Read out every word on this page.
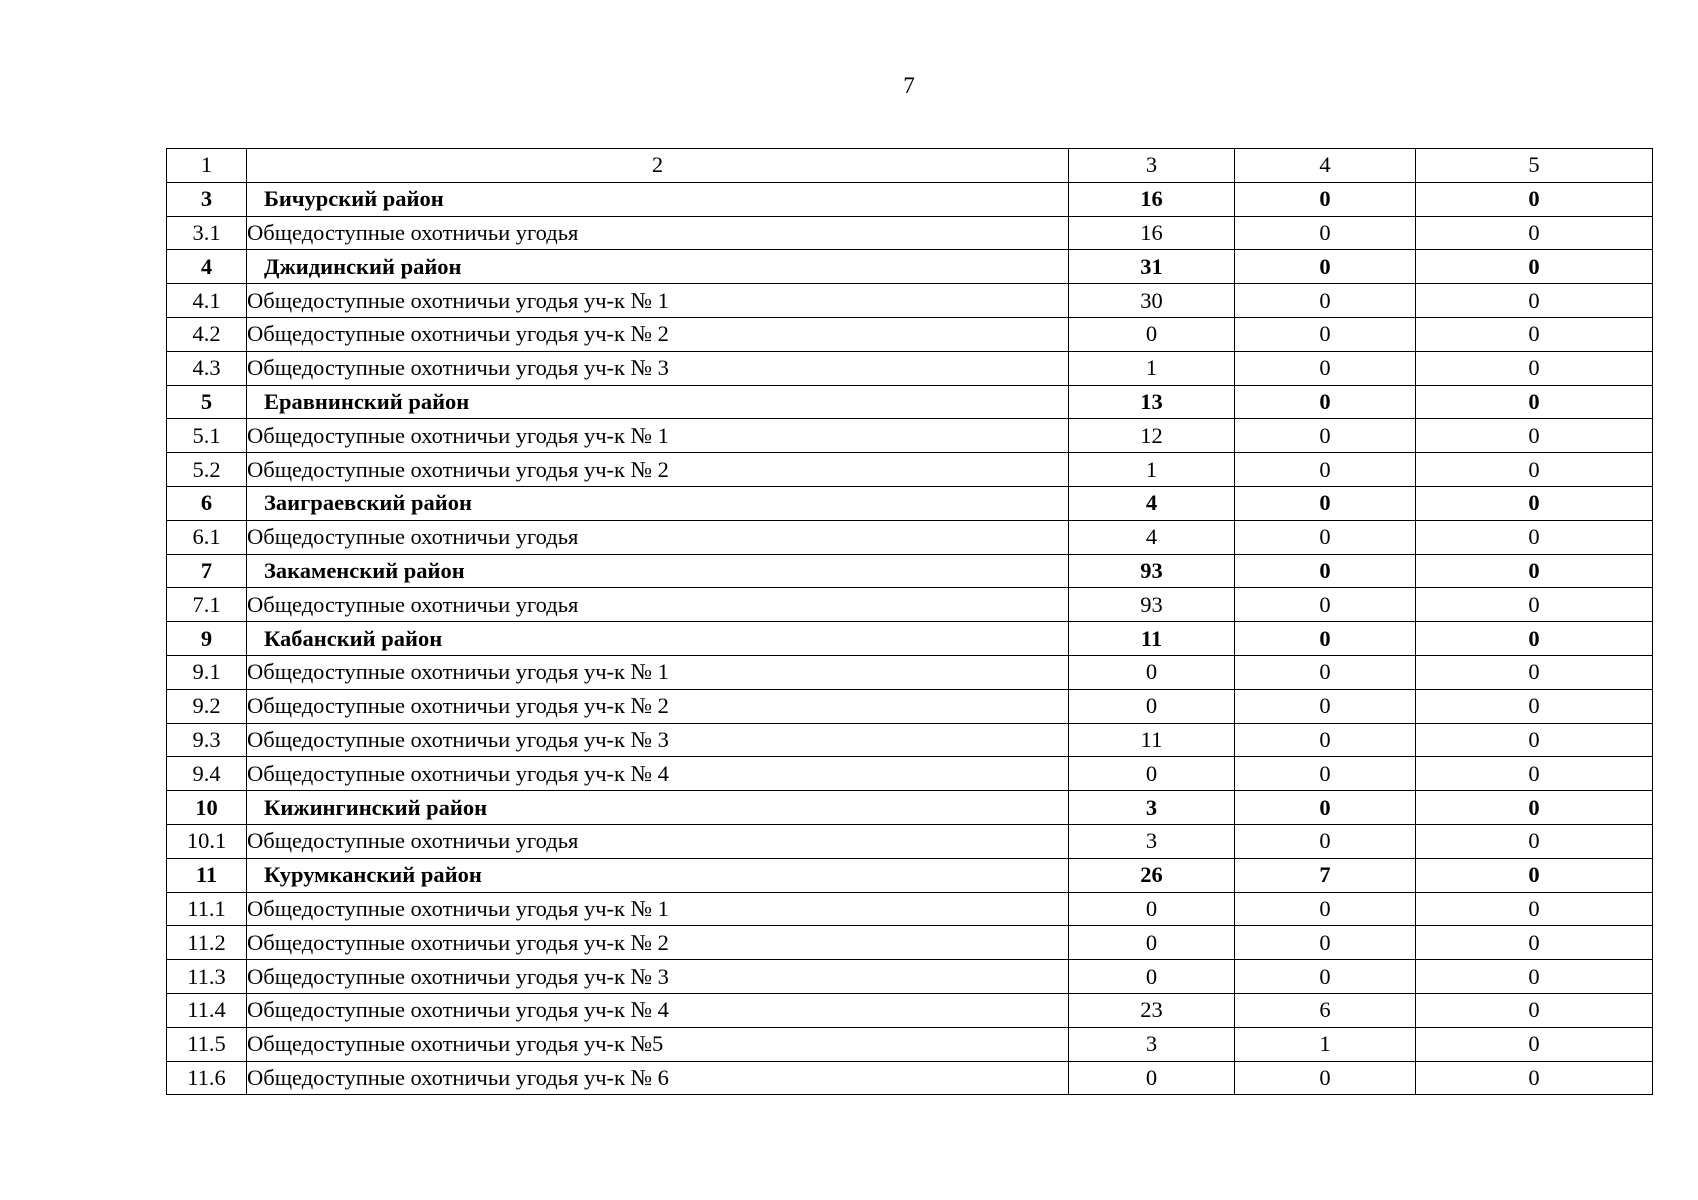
7
1	2	3	4	5
3	Бичурский район	16	0	0
3.1	Общедоступные охотничьи угодья	16	0	0
4	Джидинский район	31	0	0
4.1	Общедоступные охотничьи угодья уч-к № 1	30	0	0
4.2	Общедоступные охотничьи угодья уч-к № 2	0	0	0
4.3	Общедоступные охотничьи угодья уч-к № 3	1	0	0
5	Еравнинский район	13	0	0
5.1	Общедоступные охотничьи угодья уч-к № 1	12	0	0
5.2	Общедоступные охотничьи угодья уч-к № 2	1	0	0
6	Заиграевский район	4	0	0
6.1	Общедоступные охотничьи угодья	4	0	0
7	Закаменский район	93	0	0
7.1	Общедоступные охотничьи угодья	93	0	0
9	Кабанский район	11	0	0
9.1	Общедоступные охотничьи угодья уч-к № 1	0	0	0
9.2	Общедоступные охотничьи угодья уч-к № 2	0	0	0
9.3	Общедоступные охотничьи угодья уч-к № 3	11	0	0
9.4	Общедоступные охотничьи угодья уч-к № 4	0	0	0
10	Кижингинский район	3	0	0
10.1	Общедоступные охотничьи угодья	3	0	0
11	Курумканский район	26	7	0
11.1	Общедоступные охотничьи угодья уч-к № 1	0	0	0
11.2	Общедоступные охотничьи угодья уч-к № 2	0	0	0
11.3	Общедоступные охотничьи угодья уч-к № 3	0	0	0
11.4	Общедоступные охотничьи угодья уч-к № 4	23	6	0
11.5	Общедоступные охотничьи угодья уч-к №5	3	1	0
11.6	Общедоступные охотничьи угодья уч-к № 6	0	0	0
